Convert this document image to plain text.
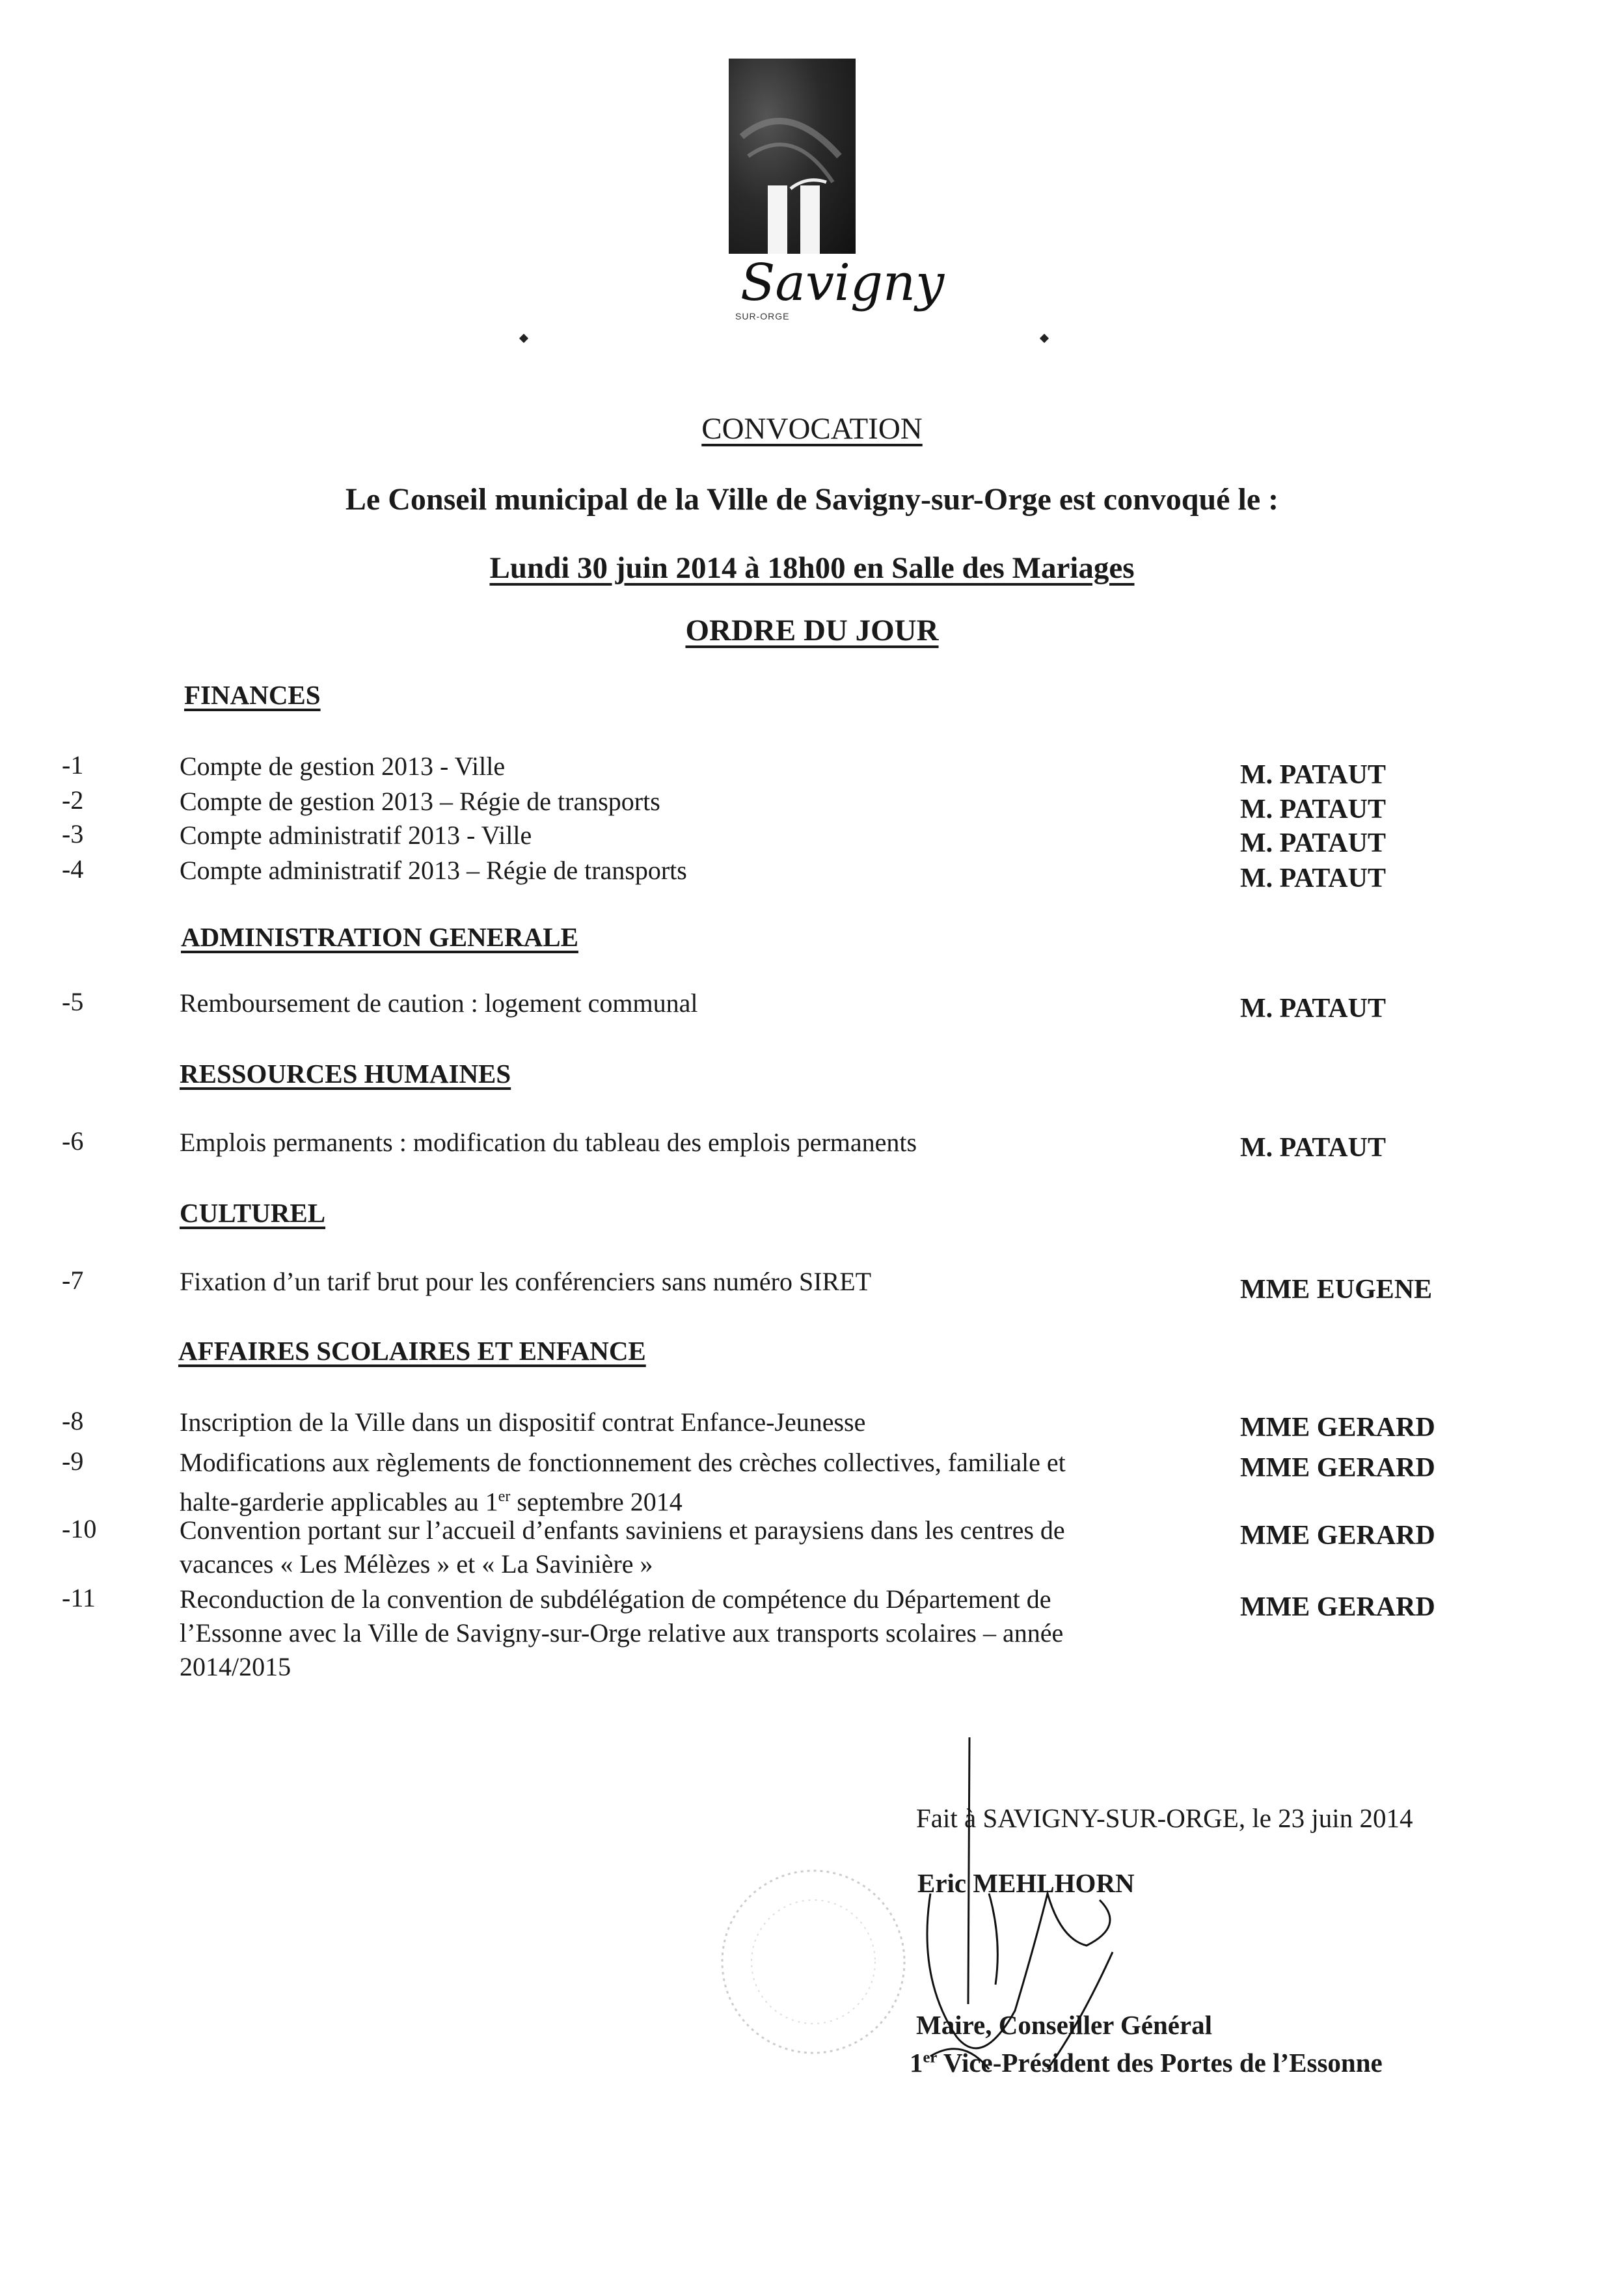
Savigny
SUR-ORGE
CONVOCATION
Le Conseil municipal de la Ville de Savigny-sur-Orge est convoqué le :
Lundi 30 juin 2014 à 18h00 en Salle des Mariages
ORDRE DU JOUR
FINANCES
ADMINISTRATION GENERALE
RESSOURCES HUMAINES
CULTUREL
AFFAIRES SCOLAIRES ET ENFANCE
-1	Compte de gestion 2013 - Ville	M. PATAUT
-2	Compte de gestion 2013 – Régie de transports	M. PATAUT
-3	Compte administratif 2013 - Ville	M. PATAUT
-4	Compte administratif 2013 – Régie de transports	M. PATAUT
-5	Remboursement de caution : logement communal	M. PATAUT
-6	Emplois permanents : modification du tableau des emplois permanents	M. PATAUT
-7	Fixation d’un tarif brut pour les conférenciers sans numéro SIRET	MME EUGENE
-8	Inscription de la Ville dans un dispositif contrat Enfance-Jeunesse	MME GERARD
-9	Modifications aux règlements de fonctionnement des crèches collectives, familiale et
halte-garderie applicables au 1er septembre 2014
MME GERARD
-10	Convention portant sur l’accueil d’enfants saviniens et paraysiens dans les centres de
vacances « Les Mélèzes » et « La Savinière »
MME GERARD
-11	Reconduction de la convention de subdélégation de compétence du Département de
l’Essonne avec la Ville de Savigny-sur-Orge relative aux transports scolaires – année
2014/2015
MME GERARD
Fait à SAVIGNY-SUR-ORGE, le 23 juin 2014
Eric MEHLHORN
Maire, Conseiller Général
1er Vice-Président des Portes de l’Essonne
